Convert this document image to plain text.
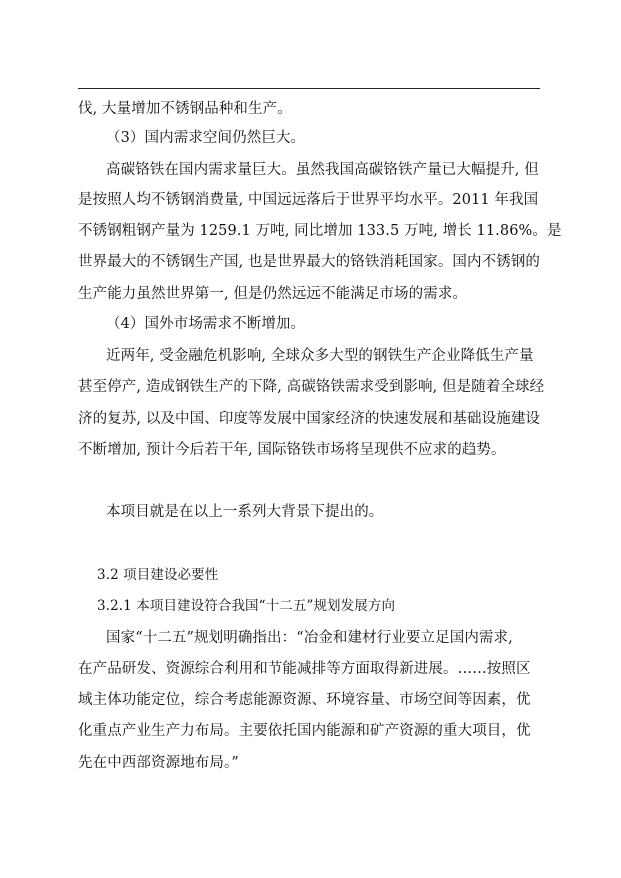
伐, 大量增加不锈钢品种和生产。
（3）国内需求空间仍然巨大。
高碳铬铁在国内需求量巨大。虽然我国高碳铬铁产量已大幅提升, 但
是按照人均不锈钢消费量, 中国远远落后于世界平均水平。2011 年我国
不锈钢粗钢产量为 1259.1 万吨, 同比增加 133.5 万吨, 增长 11.86%。是
世界最大的不锈钢生产国, 也是世界最大的铬铁消耗国家。国内不锈钢的
生产能力虽然世界第一, 但是仍然远远不能满足市场的需求。
（4）国外市场需求不断增加。
近两年, 受金融危机影响, 全球众多大型的钢铁生产企业降低生产量
甚至停产, 造成钢铁生产的下降, 高碳铬铁需求受到影响, 但是随着全球经
济的复苏, 以及中国、印度等发展中国家经济的快速发展和基础设施建设
不断增加, 预计今后若干年, 国际铬铁市场将呈现供不应求的趋势。
本项目就是在以上一系列大背景下提出的。
3.2 项目建设必要性
3.2.1 本项目建设符合我国“十二五”规划发展方向
国家“十二五”规划明确指出：“冶金和建材行业要立足国内需求,
在产品研发、资源综合利用和节能减排等方面取得新进展。……按照区
域主体功能定位，综合考虑能源资源、环境容量、市场空间等因素，优
化重点产业生产力布局。主要依托国内能源和矿产资源的重大项目，优
先在中西部资源地布局。”
